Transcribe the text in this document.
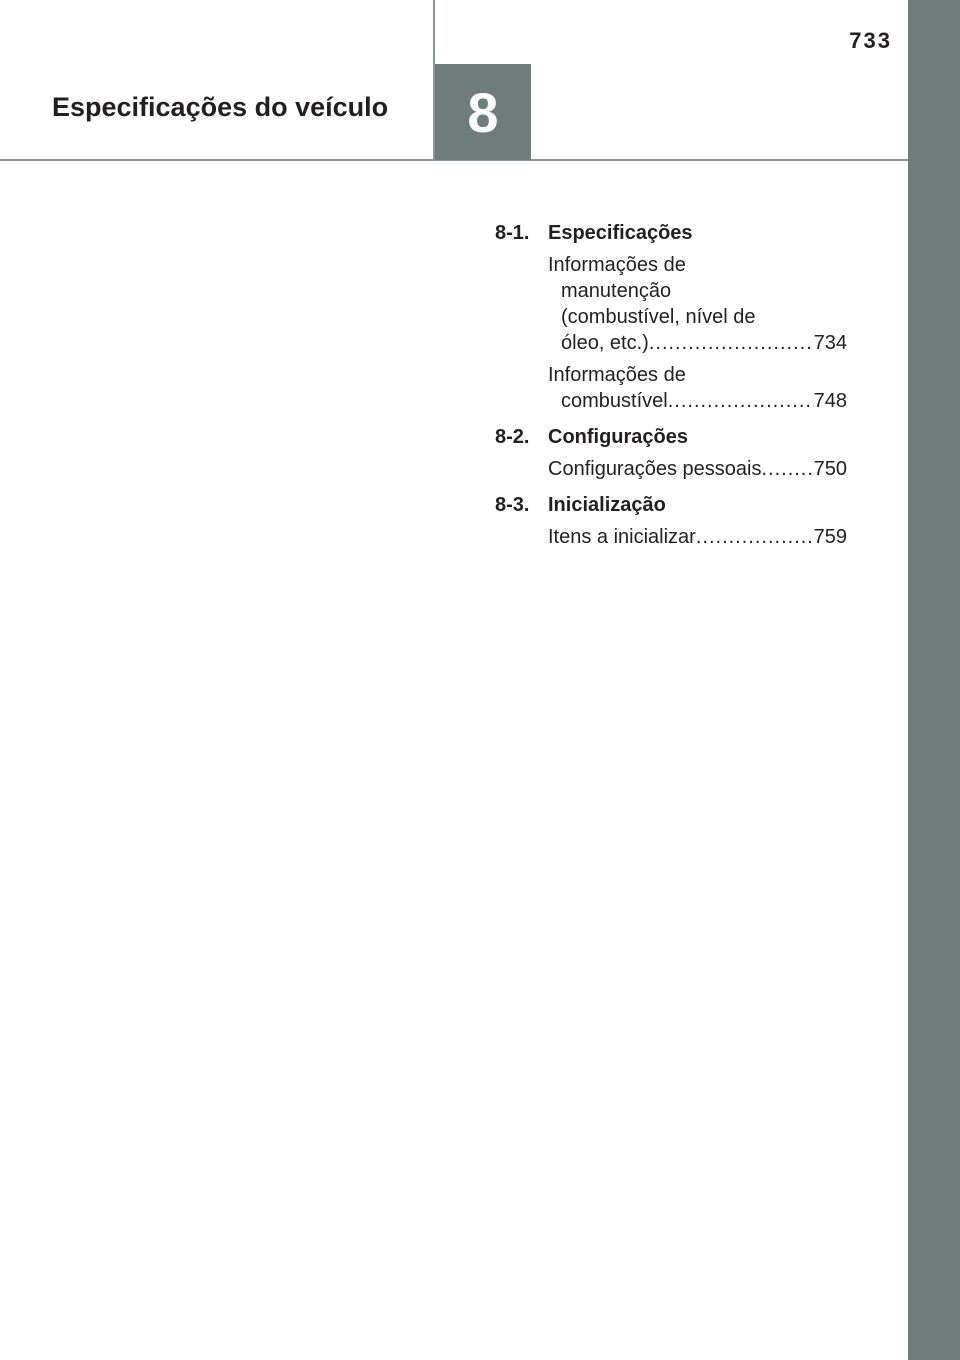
733
Especificações do veículo	8
8-1. Especificações
Informações de
manutenção
(combustível, nível de
óleo, etc.) .....	734
Informações de
combustível .....	748
8-2. Configurações
Configurações pessoais .....	750
8-3. Inicialização
Itens a inicializar .....	759
